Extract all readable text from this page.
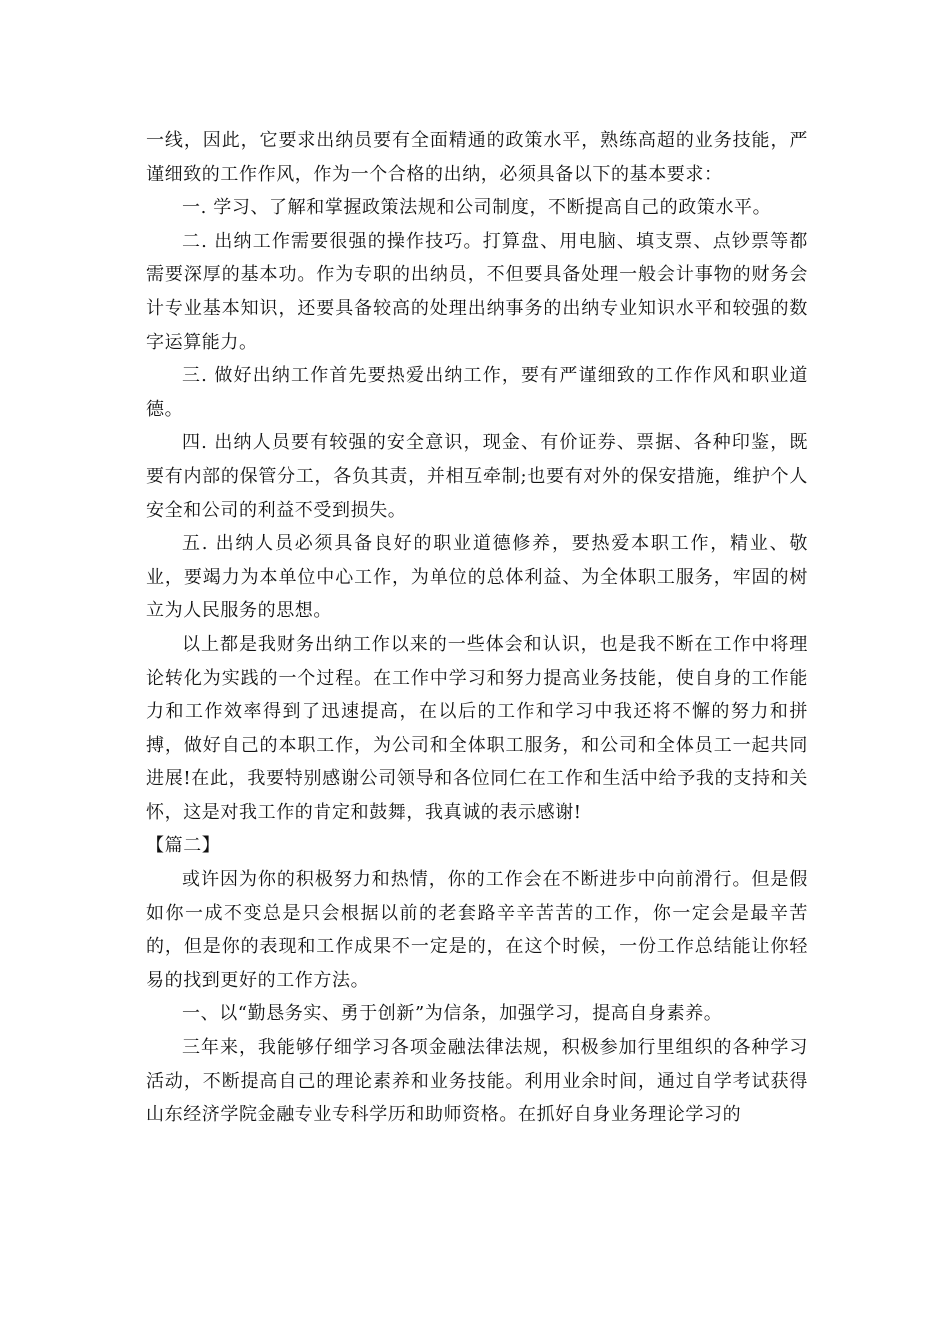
一线，因此，它要求出纳员要有全面精通的政策水平，熟练高超的业务技能，严谨细致的工作作风，作为一个合格的出纳，必须具备以下的基本要求：

一. 学习、了解和掌握政策法规和公司制度，不断提高自己的政策水平。

二. 出纳工作需要很强的操作技巧。打算盘、用电脑、填支票、点钞票等都需要深厚的基本功。作为专职的出纳员，不但要具备处理一般会计事物的财务会计专业基本知识，还要具备较高的处理出纳事务的出纳专业知识水平和较强的数字运算能力。

三. 做好出纳工作首先要热爱出纳工作，要有严谨细致的工作作风和职业道德。

四. 出纳人员要有较强的安全意识，现金、有价证券、票据、各种印鉴，既要有内部的保管分工，各负其责，并相互牵制;也要有对外的保安措施，维护个人安全和公司的利益不受到损失。

五. 出纳人员必须具备良好的职业道德修养，要热爱本职工作，精业、敬业，要竭力为本单位中心工作，为单位的总体利益、为全体职工服务，牢固的树立为人民服务的思想。

以上都是我财务出纳工作以来的一些体会和认识，也是我不断在工作中将理论转化为实践的一个过程。在工作中学习和努力提高业务技能，使自身的工作能力和工作效率得到了迅速提高，在以后的工作和学习中我还将不懈的努力和拼搏，做好自己的本职工作，为公司和全体职工服务，和公司和全体员工一起共同进展!在此，我要特别感谢公司领导和各位同仁在工作和生活中给予我的支持和关怀，这是对我工作的肯定和鼓舞，我真诚的表示感谢!

【篇二】

或许因为你的积极努力和热情，你的工作会在不断进步中向前滑行。但是假如你一成不变总是只会根据以前的老套路辛辛苦苦的工作，你一定会是最辛苦的，但是你的表现和工作成果不一定是的，在这个时候，一份工作总结能让你轻易的找到更好的工作方法。

一、以“勤恳务实、勇于创新”为信条，加强学习，提高自身素养。

三年来，我能够仔细学习各项金融法律法规，积极参加行里组织的各种学习活动，不断提高自己的理论素养和业务技能。利用业余时间，通过自学考试获得山东经济学院金融专业专科学历和助师资格。在抓好自身业务理论学习的
